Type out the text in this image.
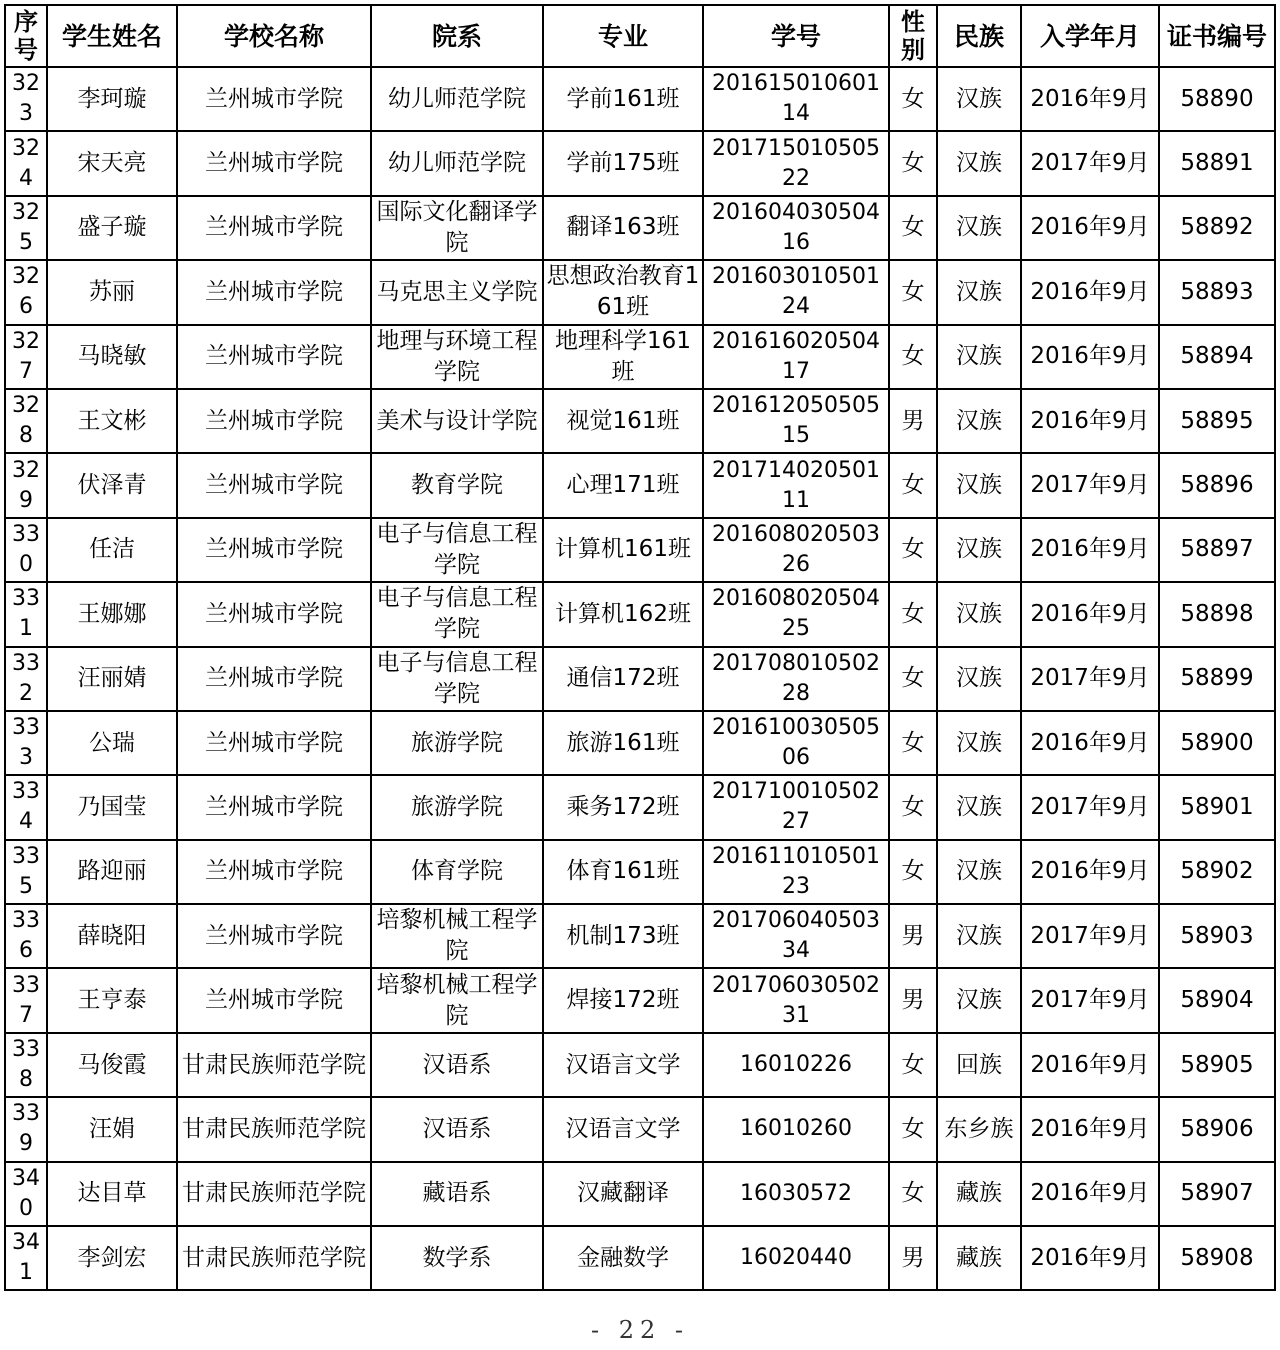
序号	学生姓名	学校名称	院系	专业	学号	性别	民族	入学年月	证书编号
323	李珂璇	兰州城市学院	幼儿师范学院	学前161班	20161501060114	女	汉族	2016年9月	58890
324	宋天亮	兰州城市学院	幼儿师范学院	学前175班	20171501050522	女	汉族	2017年9月	58891
325	盛子璇	兰州城市学院	国际文化翻译学院	翻译163班	20160403050416	女	汉族	2016年9月	58892
326	苏丽	兰州城市学院	马克思主义学院	思想政治教育161班	20160301050124	女	汉族	2016年9月	58893
327	马晓敏	兰州城市学院	地理与环境工程学院	地理科学161班	20161602050417	女	汉族	2016年9月	58894
328	王文彬	兰州城市学院	美术与设计学院	视觉161班	20161205050515	男	汉族	2016年9月	58895
329	伏泽青	兰州城市学院	教育学院	心理171班	20171402050111	女	汉族	2017年9月	58896
330	任洁	兰州城市学院	电子与信息工程学院	计算机161班	20160802050326	女	汉族	2016年9月	58897
331	王娜娜	兰州城市学院	电子与信息工程学院	计算机162班	20160802050425	女	汉族	2016年9月	58898
332	汪丽婧	兰州城市学院	电子与信息工程学院	通信172班	20170801050228	女	汉族	2017年9月	58899
333	公瑞	兰州城市学院	旅游学院	旅游161班	20161003050506	女	汉族	2016年9月	58900
334	乃国莹	兰州城市学院	旅游学院	乘务172班	20171001050227	女	汉族	2017年9月	58901
335	路迎丽	兰州城市学院	体育学院	体育161班	20161101050123	女	汉族	2016年9月	58902
336	薛晓阳	兰州城市学院	培黎机械工程学院	机制173班	20170604050334	男	汉族	2017年9月	58903
337	王亨泰	兰州城市学院	培黎机械工程学院	焊接172班	20170603050231	男	汉族	2017年9月	58904
338	马俊霞	甘肃民族师范学院	汉语系	汉语言文学	16010226	女	回族	2016年9月	58905
339	汪娟	甘肃民族师范学院	汉语系	汉语言文学	16010260	女	东乡族	2016年9月	58906
340	达目草	甘肃民族师范学院	藏语系	汉藏翻译	16030572	女	藏族	2016年9月	58907
341	李剑宏	甘肃民族师范学院	数学系	金融数学	16020440	男	藏族	2016年9月	58908
- 22 -
